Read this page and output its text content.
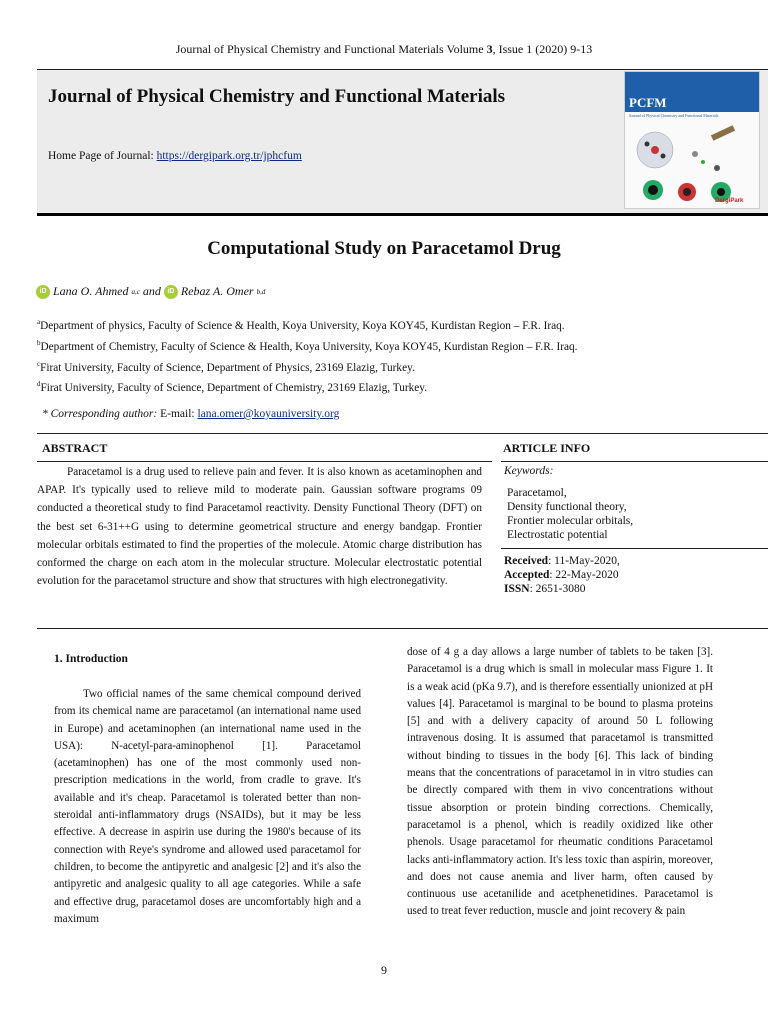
Journal of Physical Chemistry and Functional Materials Volume 3, Issue 1 (2020) 9-13
Journal of Physical Chemistry and Functional Materials
Home Page of Journal: https://dergipark.org.tr/jphcfum
PCFM
Journal of Physical Chemistry and Functional Materials
DergiPark
Computational Study on Paracetamol Drug
iD Lana O. Ahmed a,c and iD Rebaz A. Omer b,d
$^a$Department of physics, Faculty of Science & Health, Koya University, Koya KOY45, Kurdistan Region – F.R. Iraq.
$^b$Department of Chemistry, Faculty of Science & Health, Koya University, Koya KOY45, Kurdistan Region – F.R. Iraq.
$^c$Firat University, Faculty of Science, Department of Physics, 23169 Elazig, Turkey.
$^d$Firat University, Faculty of Science, Department of Chemistry, 23169 Elazig, Turkey.
* Corresponding author: E-mail: lana.omer@koyauniversity.org
ABSTRACT	ARTICLE INFO
Paracetamol is a drug used to relieve pain and fever. It is also known as acetaminophen and APAP. It's typically used to relieve mild to moderate pain. Gaussian software programs 09 conducted a theoretical study to find Paracetamol reactivity. Density Functional Theory (DFT) on the best set 6-31++G using to determine geometrical structure and energy bandgap. Frontier molecular orbitals estimated to find the properties of the molecule. Atomic charge distribution has conformed the charge on each atom in the molecular structure. Molecular electrostatic potential evolution for the paracetamol structure and show that structures with high electronegativity.
Keywords:
Paracetamol,
Density functional theory,
Frontier molecular orbitals,
Electrostatic potential
Received: 11-May-2020,
Accepted: 22-May-2020
ISSN: 2651-3080
1. Introduction
Two official names of the same chemical compound derived from its chemical name are paracetamol (an international name used in Europe) and acetaminophen (an international name used in the USA): N-acetyl-para-aminophenol [1]. Paracetamol (acetaminophen) has one of the most commonly used non-prescription medications in the world, from cradle to grave. It's available and it's cheap. Paracetamol is tolerated better than non-steroidal anti-inflammatory drugs (NSAIDs), but it may be less effective. A decrease in aspirin use during the 1980's because of its connection with Reye's syndrome and allowed used paracetamol for children, to become the antipyretic and analgesic [2] and it's also the antipyretic and analgesic quality to all age categories. While a safe and effective drug, paracetamol doses are uncomfortably high and a maximum
dose of 4 g a day allows a large number of tablets to be taken [3]. Paracetamol is a drug which is small in molecular mass Figure 1. It is a weak acid (pKa 9.7), and is therefore essentially unionized at pH values [4]. Paracetamol is marginal to be bound to plasma proteins [5] and with a delivery capacity of around 50 L following intravenous dosing. It is assumed that paracetamol is transmitted without binding to tissues in the body [6]. This lack of binding means that the concentrations of paracetamol in in vitro studies can be directly compared with them in vivo concentrations without tissue absorption or protein binding corrections. Chemically, paracetamol is a phenol, which is readily oxidized like other phenols. Usage paracetamol for rheumatic conditions Paracetamol lacks anti-inflammatory action. It's less toxic than aspirin, moreover, and does not cause anemia and liver harm, often caused by continuous use acetanilide and acetphenetidines. Paracetamol is used to treat fever reduction, muscle and joint recovery & pain
9
